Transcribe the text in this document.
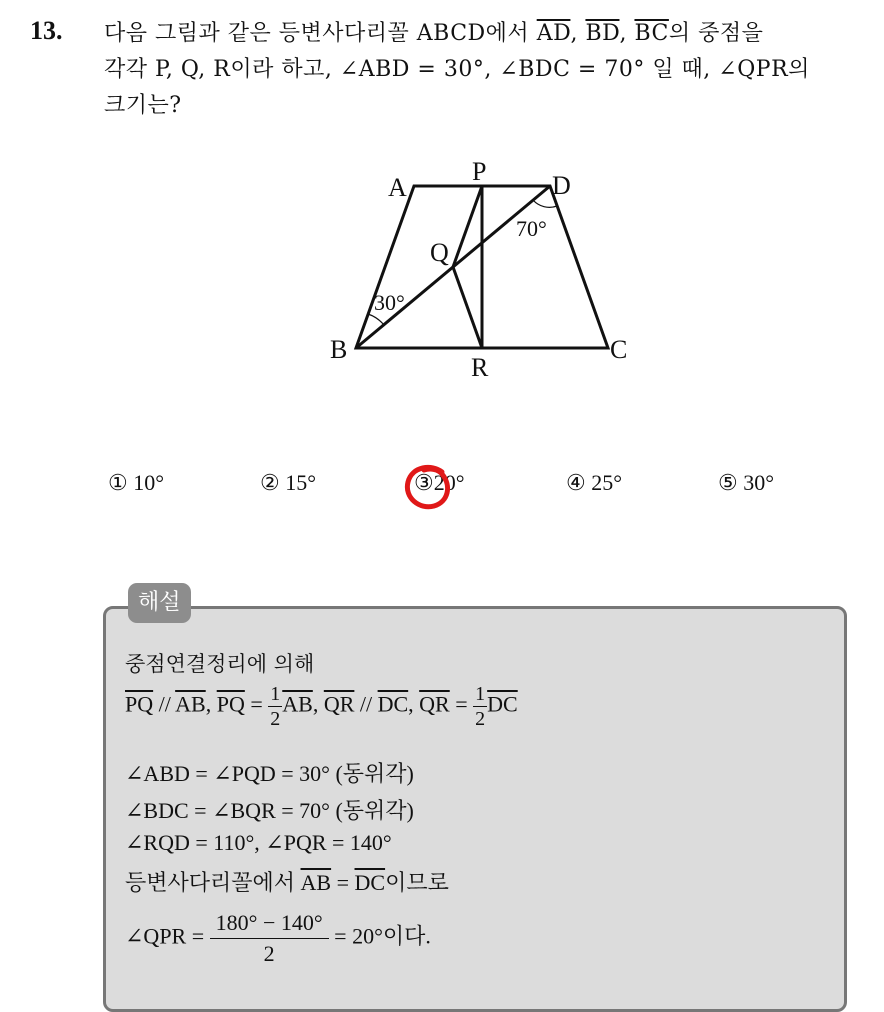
13. 다음 그림과 같은 등변사다리꼴 ABCD에서 $\overline{AD}$, $\overline{BD}$, $\overline{BC}$의 중점을
각각 P, Q, R이라 하고, ∠ABD = 30°, ∠BDC = 70° 일 때, ∠QPR의
크기는?
A
P	D
Q
B	C
R
30°
70°
① 10°	② 15°	③20°	④ 25°	⑤ 30°
해설
중점연결정리에 의해
$\overline{PQ} // \overline{AB}$, $\overline{PQ} = \frac{1}{2} \overline{AB}$, $\overline{QR} // \overline{DC}$, $\overline{QR} = \frac{1}{2} \overline{DC}$
∠ABD = ∠PQD = 30° (동위각)
∠BDC = ∠BQR = 70° (동위각)
∠RQD = 110°, ∠PQR = 140°
등변사다리꼴에서 $\overline{AB} = \overline{DC}$이므로
∠QPR = $\frac{180^\circ - 140^\circ}{2} = 20^\circ$이다.
